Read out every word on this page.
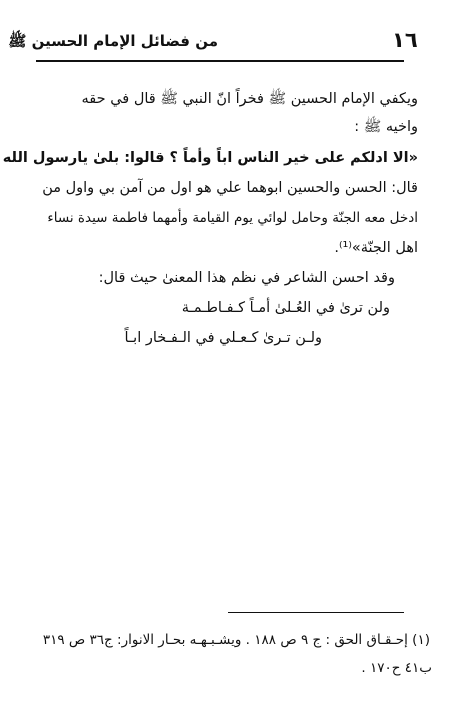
١٦
من فضائل الإمام الحسين ﷺ
ويكفي الإمام الحسين ﷺ فخراً انّ النبي ﷺ قال في حقه
واخيه ﷺ :
«الا ادلكم على خير الناس اباً وأماً ؟ قالوا: بلىٰ يارسول الله
قال: الحسن والحسين ابوهما علي هو اول من آمن بي واول من
ادخل معه الجنّة وحامل لوائي يوم القيامة وأمهما فاطمة سيدة نساء
اهل الجنّة»⁽¹⁾.
وقد احسن الشاعر في نظم هذا المعنىٰ حيث قال:
ولن ترىٰ في العُـلىٰ أمـاً كـفـاطـمـة
ولـن تـرىٰ كـعـلي في الـفـخار ابـاً
(١) إحـقـاق الحق : ج ٩ ص ١٨٨ . ويشـبـهـه بحـار الانوار: ج٣٦ ص ٣١٩
ب٤١ ح١٧٠ .
